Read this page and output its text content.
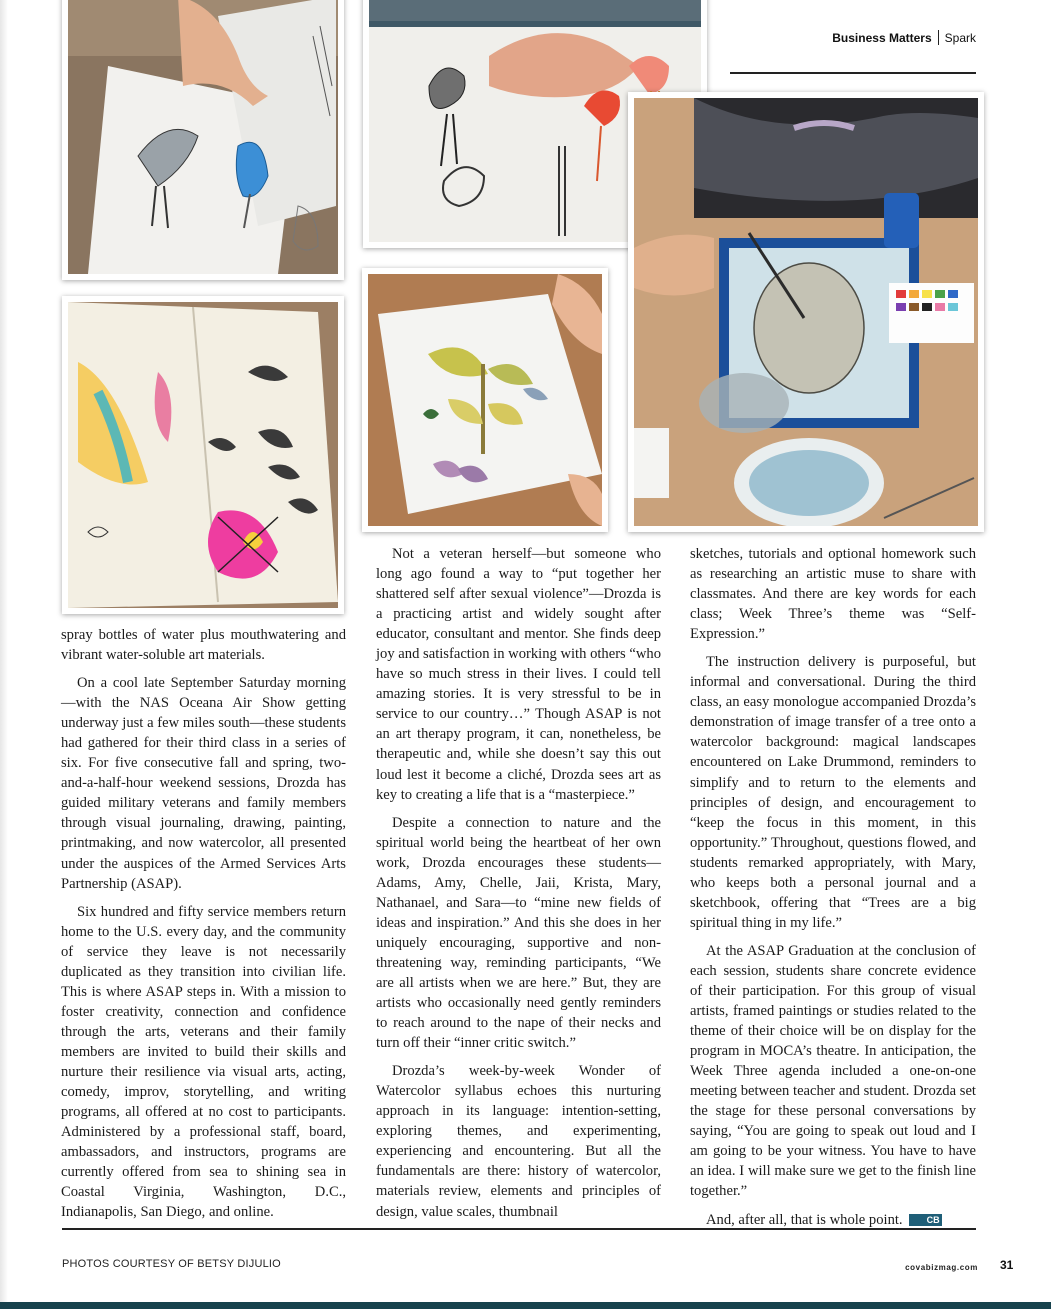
Business Matters Spark

spray bottles of water plus mouthwatering and vibrant water-soluble art materials.

On a cool late September Saturday morning—with the NAS Oceana Air Show getting underway just a few miles south—these students had gathered for their third class in a series of six. For five consecutive fall and spring, two-and-a-half-hour weekend sessions, Drozda has guided military veterans and family members through visual journaling, drawing, painting, printmaking, and now watercolor, all presented under the auspices of the Armed Services Arts Partnership (ASAP).

Six hundred and fifty service members return home to the U.S. every day, and the community of service they leave is not necessarily duplicated as they transition into civilian life. This is where ASAP steps in. With a mission to foster creativity, connection and confidence through the arts, veterans and their family members are invited to build their skills and nurture their resilience via visual arts, acting, comedy, improv, storytelling, and writing programs, all offered at no cost to participants. Administered by a professional staff, board, ambassadors, and instructors, programs are currently offered from sea to shining sea in Coastal Virginia, Washington, D.C., Indianapolis, San Diego, and online.

Not a veteran herself—but someone who long ago found a way to “put together her shattered self after sexual violence”—Drozda is a practicing artist and widely sought after educator, consultant and mentor. She finds deep joy and satisfaction in working with others “who have so much stress in their lives. I could tell amazing stories. It is very stressful to be in service to our country…” Though ASAP is not an art therapy program, it can, nonetheless, be therapeutic and, while she doesn’t say this out loud lest it become a cliché, Drozda sees art as key to creating a life that is a “masterpiece.”

Despite a connection to nature and the spiritual world being the heartbeat of her own work, Drozda encourages these students—Adams, Amy, Chelle, Jaii, Krista, Mary, Nathanael, and Sara—to “mine new fields of ideas and inspiration.” And this she does in her uniquely encouraging, supportive and non-threatening way, reminding participants, “We are all artists when we are here.” But, they are artists who occasionally need gently reminders to reach around to the nape of their necks and turn off their “inner critic switch.”

Drozda’s week-by-week Wonder of Watercolor syllabus echoes this nurturing approach in its language: intention-setting, exploring themes, and experimenting, experiencing and encountering. But all the fundamentals are there: history of watercolor, materials review, elements and principles of design, value scales, thumbnail

sketches, tutorials and optional homework such as researching an artistic muse to share with classmates. And there are key words for each class; Week Three’s theme was “Self-Expression.”

The instruction delivery is purposeful, but informal and conversational. During the third class, an easy monologue accompanied Drozda’s demonstration of image transfer of a tree onto a watercolor background: magical landscapes encountered on Lake Drummond, reminders to simplify and to return to the elements and principles of design, and encouragement to “keep the focus in this moment, in this opportunity.” Throughout, questions flowed, and students remarked appropriately, with Mary, who keeps both a personal journal and a sketchbook, offering that “Trees are a big spiritual thing in my life.”

At the ASAP Graduation at the conclusion of each session, students share concrete evidence of their participation. For this group of visual artists, framed paintings or studies related to the theme of their choice will be on display for the program in MOCA’s theatre. In anticipation, the Week Three agenda included a one-on-one meeting between teacher and student. Drozda set the stage for these personal conversations by saying, “You are going to speak out loud and I am going to be your witness. You have to have an idea. I will make sure we get to the finish line together.”

And, after all, that is whole point.	CB

PHOTOS COURTESY OF BETSY DIJULIO	covabizmag.com 31
